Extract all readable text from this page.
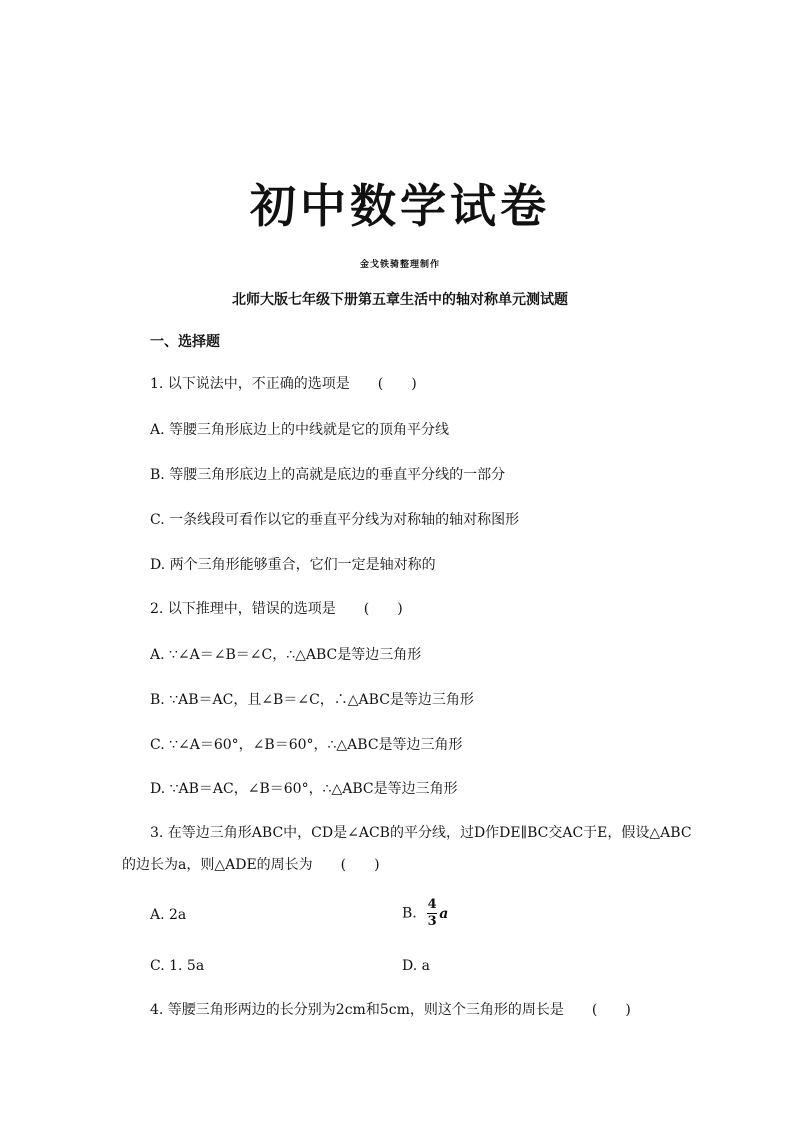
初中数学试卷
金戈铁骑整理制作
北师大版七年级下册第五章生活中的轴对称单元测试题
一、选择题
1. 以下说法中，不正确的选项是　　(　　)
A. 等腰三角形底边上的中线就是它的顶角平分线
B. 等腰三角形底边上的高就是底边的垂直平分线的一部分
C. 一条线段可看作以它的垂直平分线为对称轴的轴对称图形
D. 两个三角形能够重合，它们一定是轴对称的
2. 以下推理中，错误的选项是　　(　　)
A. ∵∠A＝∠B＝∠C，∴△ABC是等边三角形
B. ∵AB＝AC，且∠B＝∠C，∴△ABC是等边三角形
C. ∵∠A＝60°，∠B＝60°，∴△ABC是等边三角形
D. ∵AB＝AC，∠B＝60°，∴△ABC是等边三角形
3. 在等边三角形ABC中，CD是∠ACB的平分线，过D作DE∥BC交AC于E，假设△ABC
的边长为a，则△ADE的周长为　　(　　)
A. 2a	B. $\frac{4}{3}$ a
C. 1. 5a	D. a
4. 等腰三角形两边的长分别为2cm和5cm，则这个三角形的周长是　　(　　)
